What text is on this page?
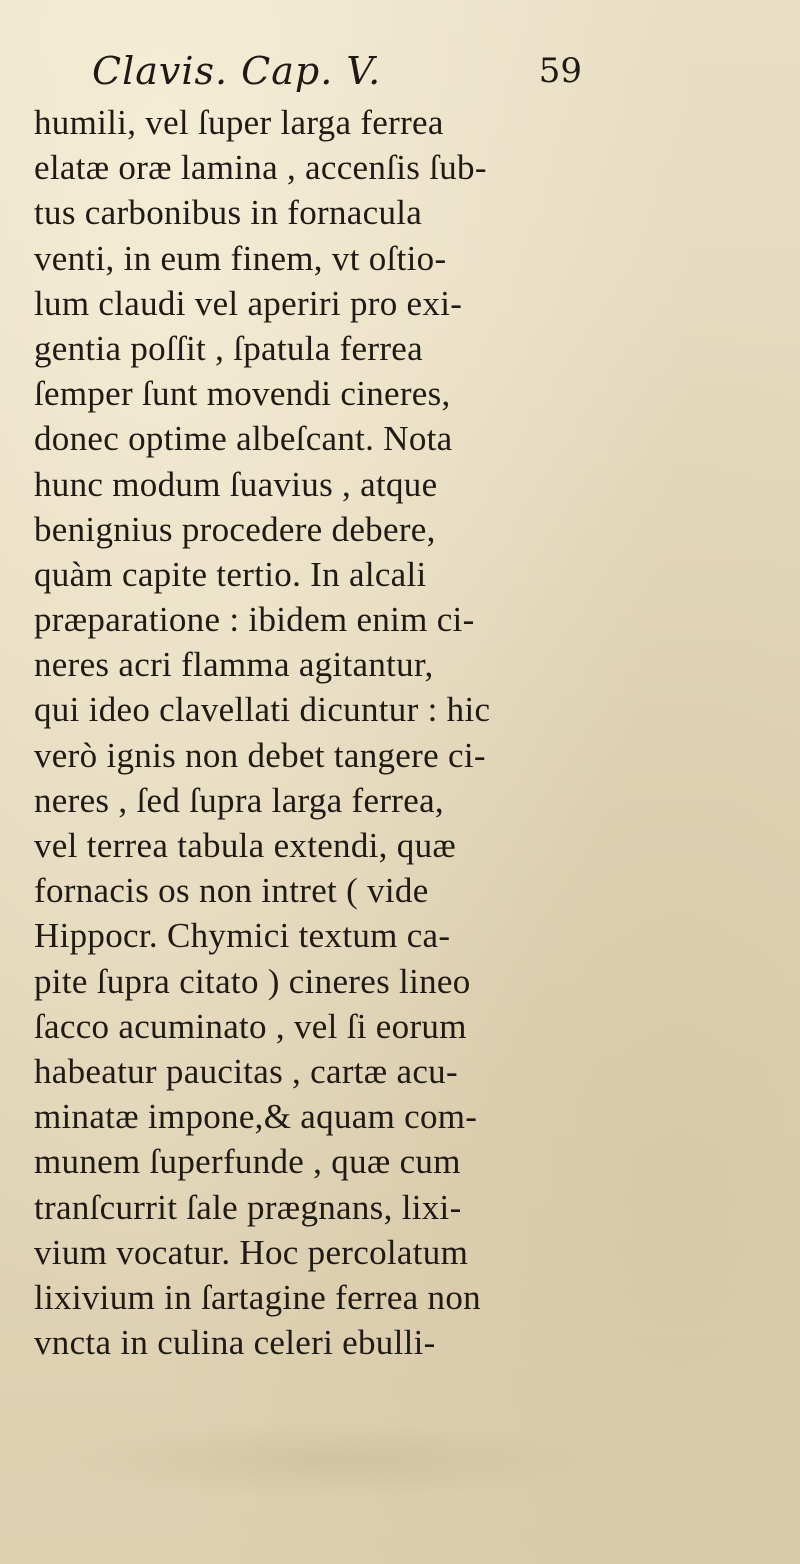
Clavis. Cap. V.	59
humili, vel ſuper larga ferrea
elatæ oræ lamina , accenſis ſub-
tus carbonibus in fornacula
venti, in eum finem, vt oſtio-
lum claudi vel aperiri pro exi-
gentia poſſit , ſpatula ferrea
ſemper ſunt movendi cineres,
donec optime albeſcant. Nota
hunc modum ſuavius , atque
benignius procedere debere,
quàm capite tertio. In alcali
præparatione : ibidem enim ci-
neres acri flamma agitantur,
qui ideo clavellati dicuntur : hic
verò ignis non debet tangere ci-
neres , ſed ſupra larga ferrea,
vel terrea tabula extendi, quæ
fornacis os non intret ( vide
Hippocr. Chymici textum ca-
pite ſupra citato ) cineres lineo
ſacco acuminato , vel ſi eorum
habeatur paucitas , cartæ acu-
minatæ impone,& aquam com-
munem ſuperfunde , quæ cum
tranſcurrit ſale prægnans, lixi-
vium vocatur. Hoc percolatum
lixivium in ſartagine ferrea non
vncta in culina celeri ebulli-
